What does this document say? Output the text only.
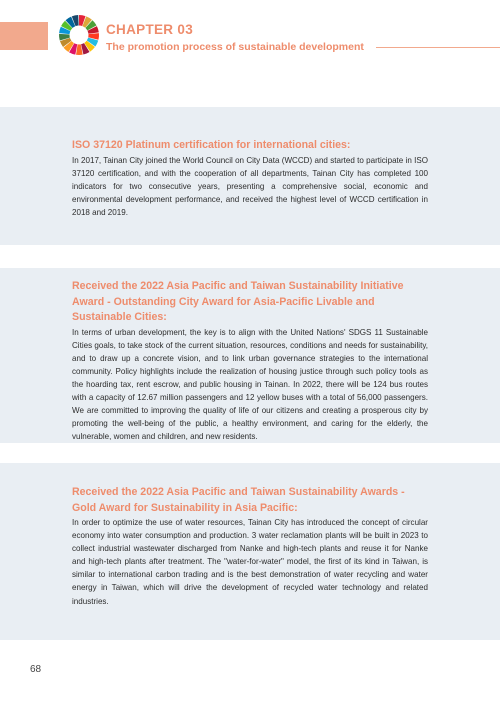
CHAPTER 03
The promotion process of sustainable development

ISO 37120 Platinum certification for international cities:

In 2017, Tainan City joined the World Council on City Data (WCCD) and started to participate in ISO 37120 certification, and with the cooperation of all departments, Tainan City has completed 100 indicators for two consecutive years, presenting a comprehensive social, economic and environmental development performance, and received the highest level of WCCD certification in 2018 and 2019.

Received the 2022 Asia Pacific and Taiwan Sustainability Initiative Award - Outstanding City Award for Asia-Pacific Livable and Sustainable Cities:

In terms of urban development, the key is to align with the United Nations' SDGS 11 Sustainable Cities goals, to take stock of the current situation, resources, conditions and needs for sustainability, and to draw up a concrete vision, and to link urban governance strategies to the international community. Policy highlights include the realization of housing justice through such policy tools as the hoarding tax, rent escrow, and public housing in Tainan. In 2022, there will be 124 bus routes with a capacity of 12.67 million passengers and 12 yellow buses with a total of 56,000 passengers. We are committed to improving the quality of life of our citizens and creating a prosperous city by promoting the well-being of the public, a healthy environment, and caring for the elderly, the vulnerable, women and children, and new residents.

Received the 2022 Asia Pacific and Taiwan Sustainability Awards - Gold Award for Sustainability in Asia Pacific:

In order to optimize the use of water resources, Tainan City has introduced the concept of circular economy into water consumption and production. 3 water reclamation plants will be built in 2023 to collect industrial wastewater discharged from Nanke and high-tech plants and reuse it for Nanke and high-tech plants after treatment. The "water-for-water" model, the first of its kind in Taiwan, is similar to international carbon trading and is the best demonstration of water recycling and water energy in Taiwan, which will drive the development of recycled water technology and related industries.

68
